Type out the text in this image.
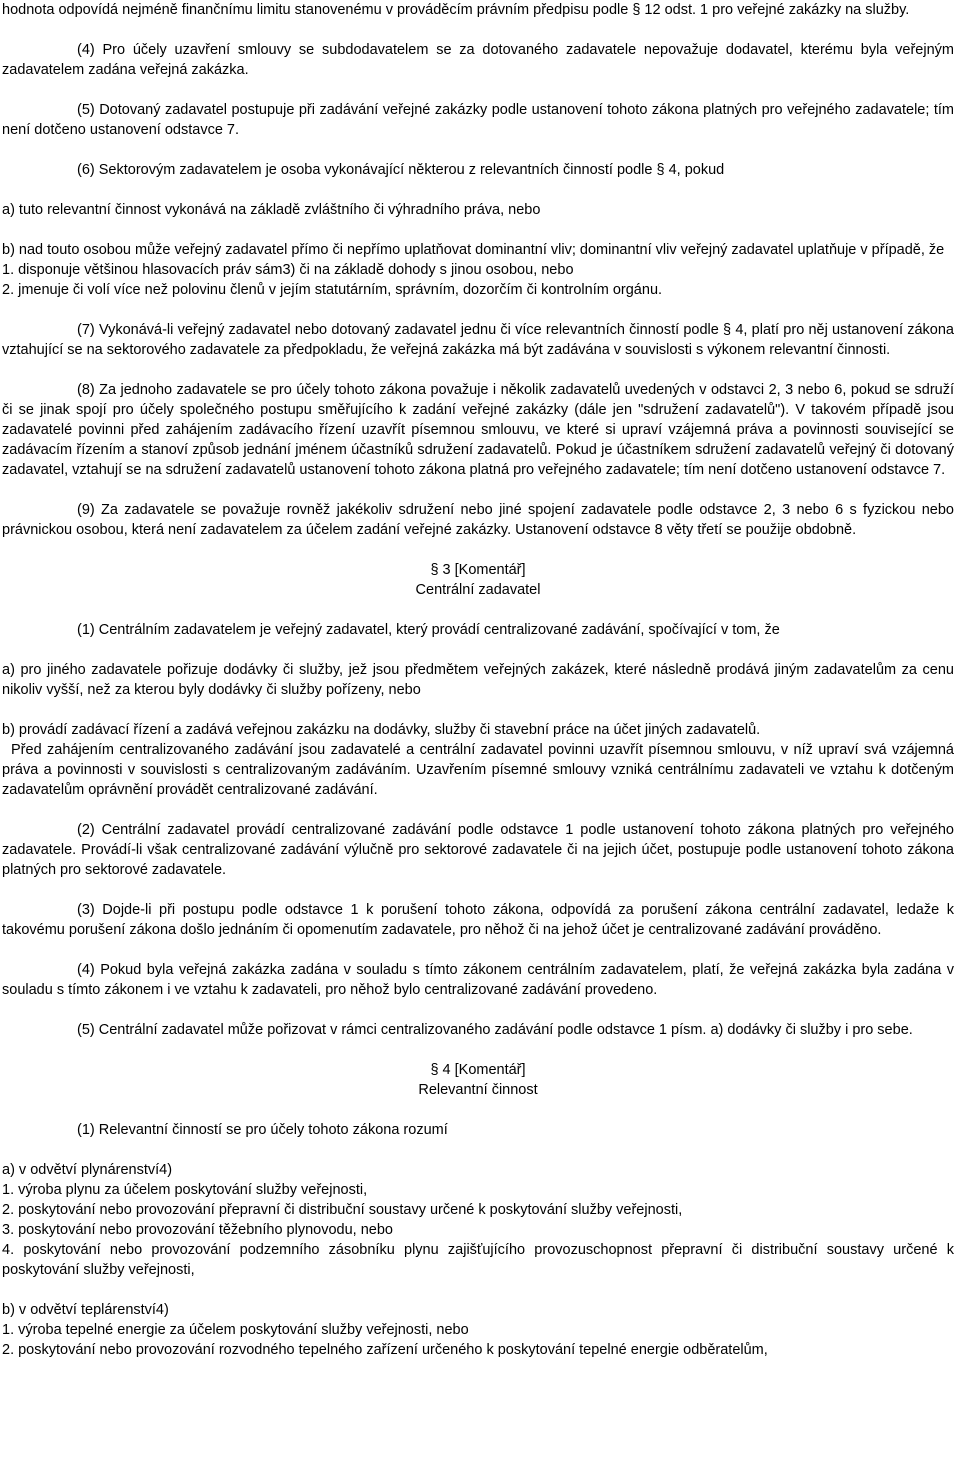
hodnota odpovídá nejméně finančnímu limitu stanovenému v prováděcím právním předpisu podle § 12 odst. 1 pro veřejné zakázky na služby.

(4) Pro účely uzavření smlouvy se subdodavatelem se za dotovaného zadavatele nepovažuje dodavatel, kterému byla veřejným zadavatelem zadána veřejná zakázka.

(5) Dotovaný zadavatel postupuje při zadávání veřejné zakázky podle ustanovení tohoto zákona platných pro veřejného zadavatele; tím není dotčeno ustanovení odstavce 7.

(6) Sektorovým zadavatelem je osoba vykonávající některou z relevantních činností podle § 4, pokud

a) tuto relevantní činnost vykonává na základě zvláštního či výhradního práva, nebo

b) nad touto osobou může veřejný zadavatel přímo či nepřímo uplatňovat dominantní vliv; dominantní vliv veřejný zadavatel uplatňuje v případě, že

1. disponuje většinou hlasovacích práv sám3) či na základě dohody s jinou osobou, nebo

2. jmenuje či volí více než polovinu členů v jejím statutárním, správním, dozorčím či kontrolním orgánu.

(7) Vykonává-li veřejný zadavatel nebo dotovaný zadavatel jednu či více relevantních činností podle § 4, platí pro něj ustanovení zákona vztahující se na sektorového zadavatele za předpokladu, že veřejná zakázka má být zadávána v souvislosti s výkonem relevantní činnosti.

(8) Za jednoho zadavatele se pro účely tohoto zákona považuje i několik zadavatelů uvedených v odstavci 2, 3 nebo 6, pokud se sdruží či se jinak spojí pro účely společného postupu směřujícího k zadání veřejné zakázky (dále jen "sdružení zadavatelů"). V takovém případě jsou zadavatelé povinni před zahájením zadávacího řízení uzavřít písemnou smlouvu, ve které si upraví vzájemná práva a povinnosti související se zadávacím řízením a stanoví způsob jednání jménem účastníků sdružení zadavatelů. Pokud je účastníkem sdružení zadavatelů veřejný či dotovaný zadavatel, vztahují se na sdružení zadavatelů ustanovení tohoto zákona platná pro veřejného zadavatele; tím není dotčeno ustanovení odstavce 7.

(9) Za zadavatele se považuje rovněž jakékoliv sdružení nebo jiné spojení zadavatele podle odstavce 2, 3 nebo 6 s fyzickou nebo právnickou osobou, která není zadavatelem za účelem zadání veřejné zakázky. Ustanovení odstavce 8 věty třetí se použije obdobně.

§ 3 [Komentář]

Centrální zadavatel

(1) Centrálním zadavatelem je veřejný zadavatel, který provádí centralizované zadávání, spočívající v tom, že

a) pro jiného zadavatele pořizuje dodávky či služby, jež jsou předmětem veřejných zakázek, které následně prodává jiným zadavatelům za cenu nikoliv vyšší, než za kterou byly dodávky či služby pořízeny, nebo

b) provádí zadávací řízení a zadává veřejnou zakázku na dodávky, služby či stavební práce na účet jiných zadavatelů.

Před zahájením centralizovaného zadávání jsou zadavatelé a centrální zadavatel povinni uzavřít písemnou smlouvu, v níž upraví svá vzájemná práva a povinnosti v souvislosti s centralizovaným zadáváním. Uzavřením písemné smlouvy vzniká centrálnímu zadavateli ve vztahu k dotčeným zadavatelům oprávnění provádět centralizované zadávání.

(2) Centrální zadavatel provádí centralizované zadávání podle odstavce 1 podle ustanovení tohoto zákona platných pro veřejného zadavatele. Provádí-li však centralizované zadávání výlučně pro sektorové zadavatele či na jejich účet, postupuje podle ustanovení tohoto zákona platných pro sektorové zadavatele.

(3) Dojde-li při postupu podle odstavce 1 k porušení tohoto zákona, odpovídá za porušení zákona centrální zadavatel, ledaže k takovému porušení zákona došlo jednáním či opomenutím zadavatele, pro něhož či na jehož účet je centralizované zadávání prováděno.

(4) Pokud byla veřejná zakázka zadána v souladu s tímto zákonem centrálním zadavatelem, platí, že veřejná zakázka byla zadána v souladu s tímto zákonem i ve vztahu k zadavateli, pro něhož bylo centralizované zadávání provedeno.

(5) Centrální zadavatel může pořizovat v rámci centralizovaného zadávání podle odstavce 1 písm. a) dodávky či služby i pro sebe.

§ 4 [Komentář]

Relevantní činnost

(1) Relevantní činností se pro účely tohoto zákona rozumí

a) v odvětví plynárenství4)

1. výroba plynu za účelem poskytování služby veřejnosti,

2. poskytování nebo provozování přepravní či distribuční soustavy určené k poskytování služby veřejnosti,

3. poskytování nebo provozování těžebního plynovodu, nebo

4. poskytování nebo provozování podzemního zásobníku plynu zajišťujícího provozuschopnost přepravní či distribuční soustavy určené k poskytování služby veřejnosti,

b) v odvětví teplárenství4)

1. výroba tepelné energie za účelem poskytování služby veřejnosti, nebo

2. poskytování nebo provozování rozvodného tepelného zařízení určeného k poskytování tepelné energie odběratelům,
